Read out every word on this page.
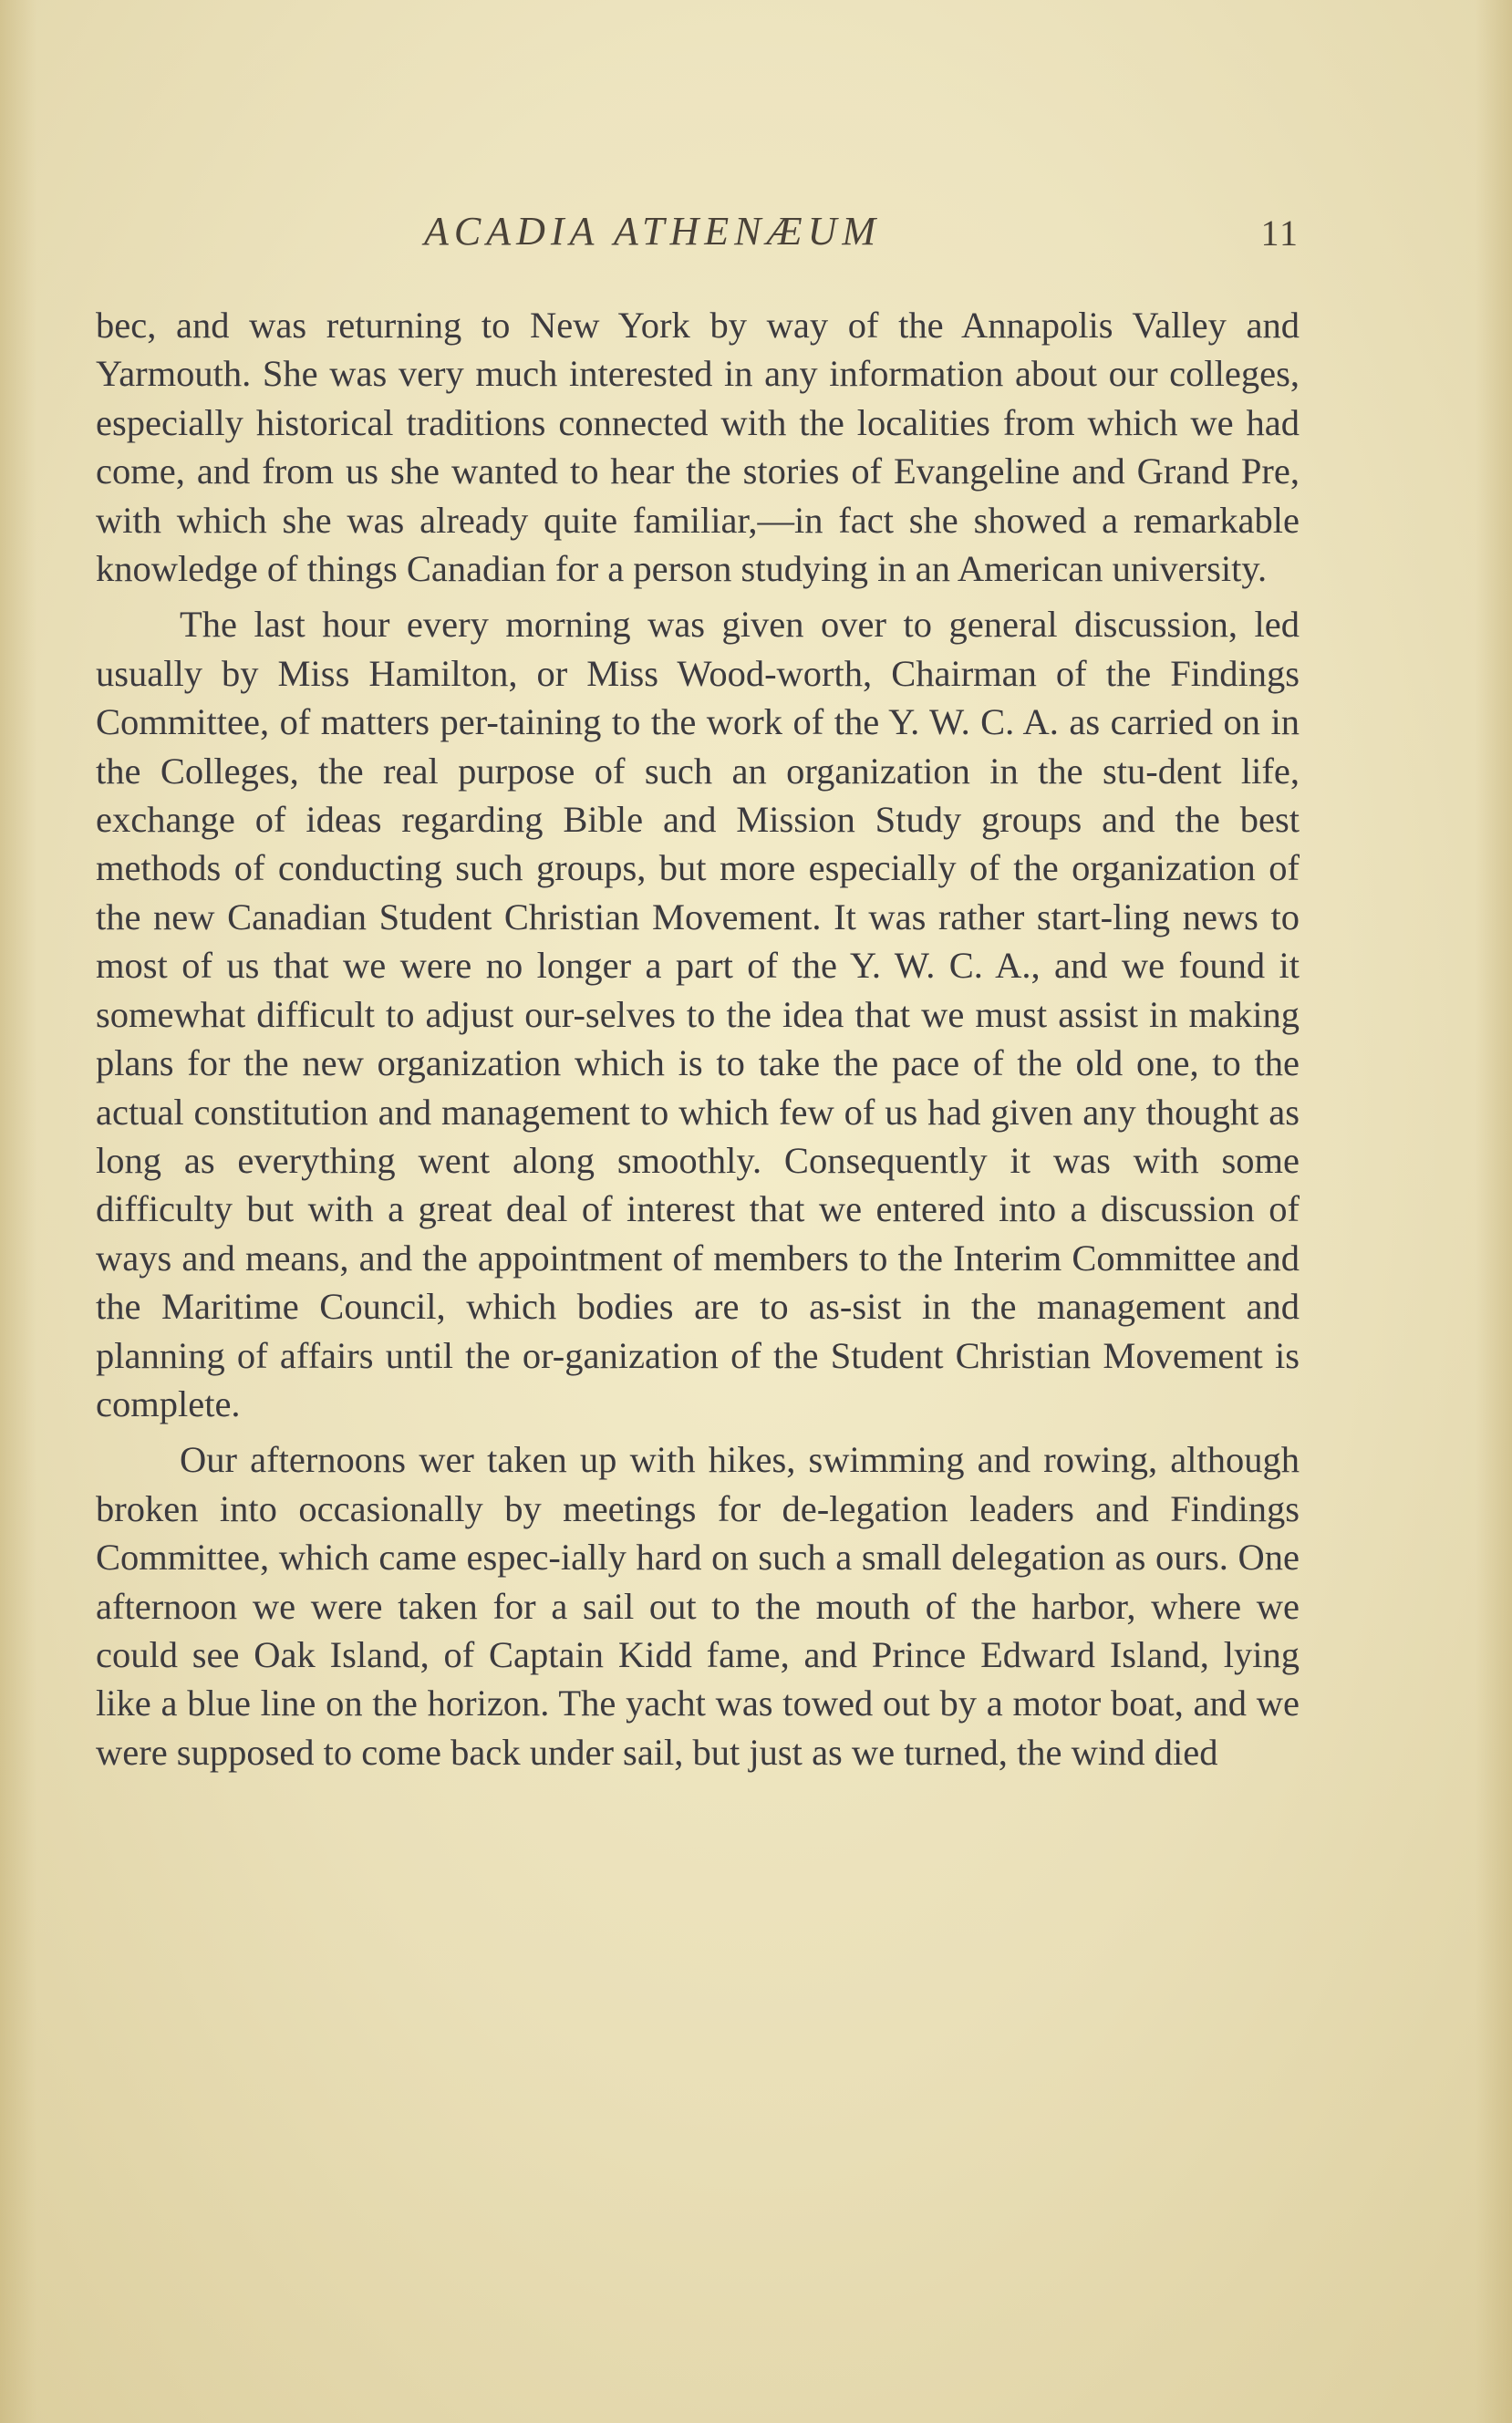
ACADIA ATHENÆUM	11

bec, and was returning to New York by way of the Annapolis Valley and Yarmouth. She was very much interested in any information about our colleges, especially historical traditions connected with the localities from which we had come, and from us she wanted to hear the stories of Evangeline and Grand Pre, with which she was already quite familiar,—in fact she showed a remarkable knowledge of things Canadian for a person studying in an American university.

The last hour every morning was given over to general discussion, led usually by Miss Hamilton, or Miss Wood-worth, Chairman of the Findings Committee, of matters per-taining to the work of the Y. W. C. A. as carried on in the Colleges, the real purpose of such an organization in the stu-dent life, exchange of ideas regarding Bible and Mission Study groups and the best methods of conducting such groups, but more especially of the organization of the new Canadian Student Christian Movement. It was rather start-ling news to most of us that we were no longer a part of the Y. W. C. A., and we found it somewhat difficult to adjust our-selves to the idea that we must assist in making plans for the new organization which is to take the pace of the old one, to the actual constitution and management to which few of us had given any thought as long as everything went along smoothly. Consequently it was with some difficulty but with a great deal of interest that we entered into a discussion of ways and means, and the appointment of members to the Interim Committee and the Maritime Council, which bodies are to as-sist in the management and planning of affairs until the or-ganization of the Student Christian Movement is complete.

Our afternoons wer taken up with hikes, swimming and rowing, although broken into occasionally by meetings for de-legation leaders and Findings Committee, which came espec-ially hard on such a small delegation as ours. One afternoon we were taken for a sail out to the mouth of the harbor, where we could see Oak Island, of Captain Kidd fame, and Prince Edward Island, lying like a blue line on the horizon. The yacht was towed out by a motor boat, and we were supposed to come back under sail, but just as we turned, the wind died
